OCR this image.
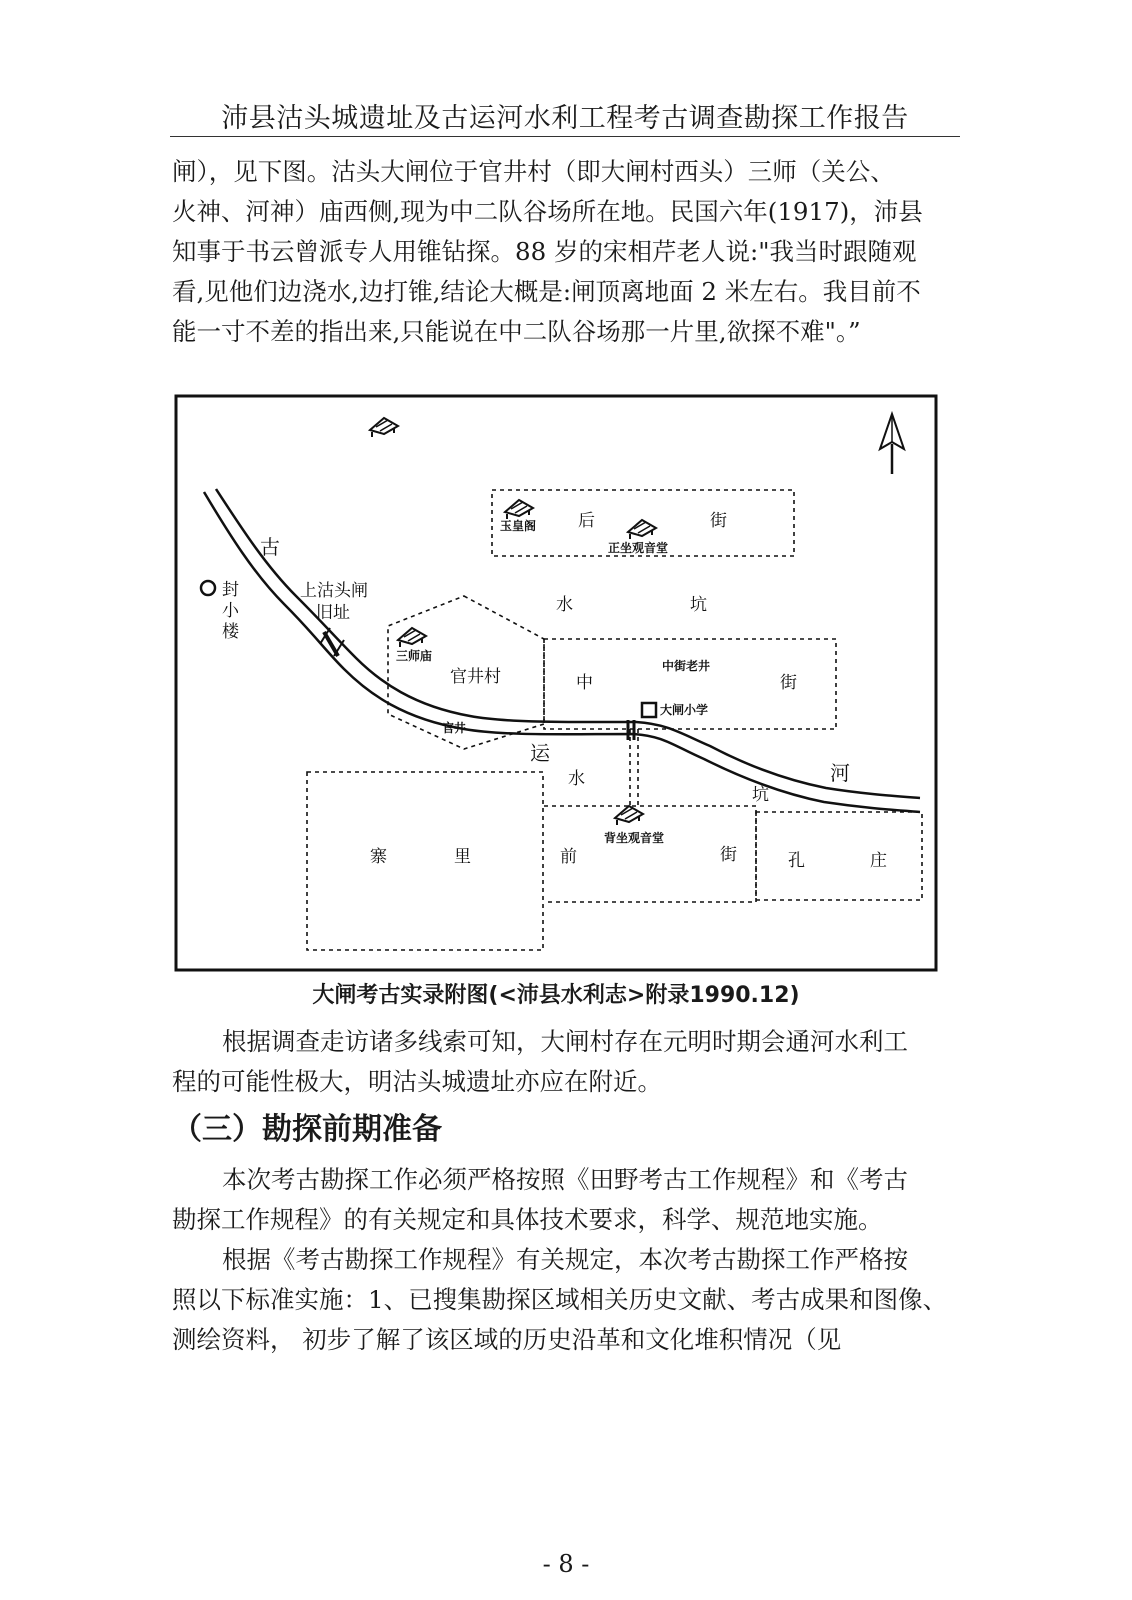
沛县沽头城遗址及古运河水利工程考古调查勘探工作报告

闸），见下图。沽头大闸位于官井村（即大闸村西头）三师（关公、
火神、河神）庙西侧,现为中二队谷场所在地。民国六年(1917)，沛县
知事于书云曾派专人用锥钻探。88 岁的宋相芹老人说:"我当时跟随观
看,见他们边浇水,边打锥,结论大概是:闸顶离地面 2 米左右。我目前不
能一寸不差的指出来,只能说在中二队谷场那一片里,欲探不难"。”

古
运
河
封
小
楼
上沽头闸
旧址
玉皇阁 后	街
正坐观音堂
水	坑
三师庙
官井村
官井
中
中街老井
街
大闸小学
水
坑
背坐观音堂
寨	里	前	街	孔	庄
大闸考古实录附图(<沛县水利志>附录1990.12)

根据调查走访诸多线索可知，大闸村存在元明时期会通河水利工
程的可能性极大，明沽头城遗址亦应在附近。

（三）勘探前期准备

本次考古勘探工作必须严格按照《田野考古工作规程》和《考古
勘探工作规程》的有关规定和具体技术要求，科学、规范地实施。

根据《考古勘探工作规程》有关规定，本次考古勘探工作严格按
照以下标准实施：1、已搜集勘探区域相关历史文献、考古成果和图像、
测绘资料， 初步了解了该区域的历史沿革和文化堆积情况（见

- 8 -
